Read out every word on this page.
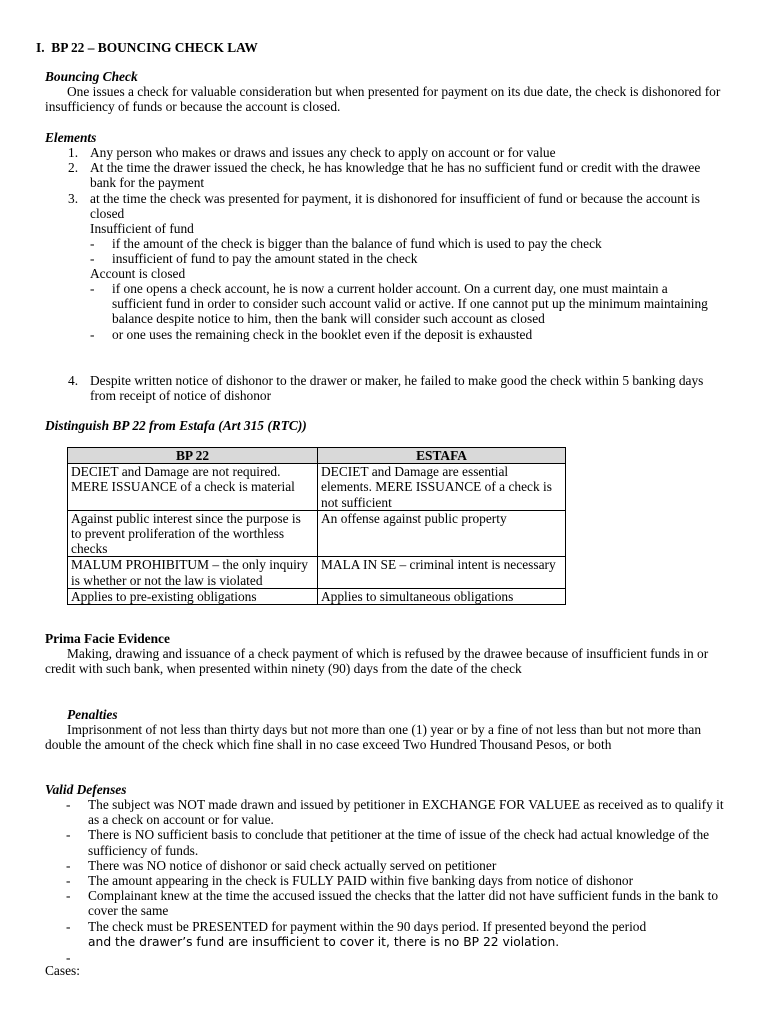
I. BP 22 – BOUNCING CHECK LAW
Bouncing Check
One issues a check for valuable consideration but when presented for payment on its due date, the check is dishonored for insufficiency of funds or because the account is closed.
Elements
1. Any person who makes or draws and issues any check to apply on account or for value
2. At the time the drawer issued the check, he has knowledge that he has no sufficient fund or credit with the drawee bank for the payment
3. at the time the check was presented for payment, it is dishonored for insufficient of fund or because the account is closed
Insufficient of fund
- if the amount of the check is bigger than the balance of fund which is used to pay the check
- insufficient of fund to pay the amount stated in the check
Account is closed
- if one opens a check account, he is now a current holder account. On a current day, one must maintain a sufficient fund in order to consider such account valid or active. If one cannot put up the minimum maintaining balance despite notice to him, then the bank will consider such account as closed
- or one uses the remaining check in the booklet even if the deposit is exhausted
4. Despite written notice of dishonor to the drawer or maker, he failed to make good the check within 5 banking days from receipt of notice of dishonor
Distinguish BP 22 from Estafa (Art 315 (RTC))
BP 22	ESTAFA
DECIET and Damage are not required. MERE ISSUANCE of a check is material	DECIET and Damage are essential elements. MERE ISSUANCE of a check is not sufficient
Against public interest since the purpose is to prevent proliferation of the worthless checks	An offense against public property
MALUM PROHIBITUM – the only inquiry is whether or not the law is violated	MALA IN SE – criminal intent is necessary
Applies to pre-existing obligations	Applies to simultaneous obligations
Prima Facie Evidence
Making, drawing and issuance of a check payment of which is refused by the drawee because of insufficient funds in or credit with such bank, when presented within ninety (90) days from the date of the check
Penalties
Imprisonment of not less than thirty days but not more than one (1) year or by a fine of not less than but not more than double the amount of the check which fine shall in no case exceed Two Hundred Thousand Pesos, or both
Valid Defenses
- The subject was NOT made drawn and issued by petitioner in EXCHANGE FOR VALUEE as received as to qualify it as a check on account or for value.
- There is NO sufficient basis to conclude that petitioner at the time of issue of the check had actual knowledge of the sufficiency of funds.
- There was NO notice of dishonor or said check actually served on petitioner
- The amount appearing in the check is FULLY PAID within five banking days from notice of dishonor
- Complainant knew at the time the accused issued the checks that the latter did not have sufficient funds in the bank to cover the same
- The check must be PRESENTED for payment within the 90 days period. If presented beyond the period
and the drawer’s fund are insufficient to cover it, there is no BP 22 violation.
-

Cases:
